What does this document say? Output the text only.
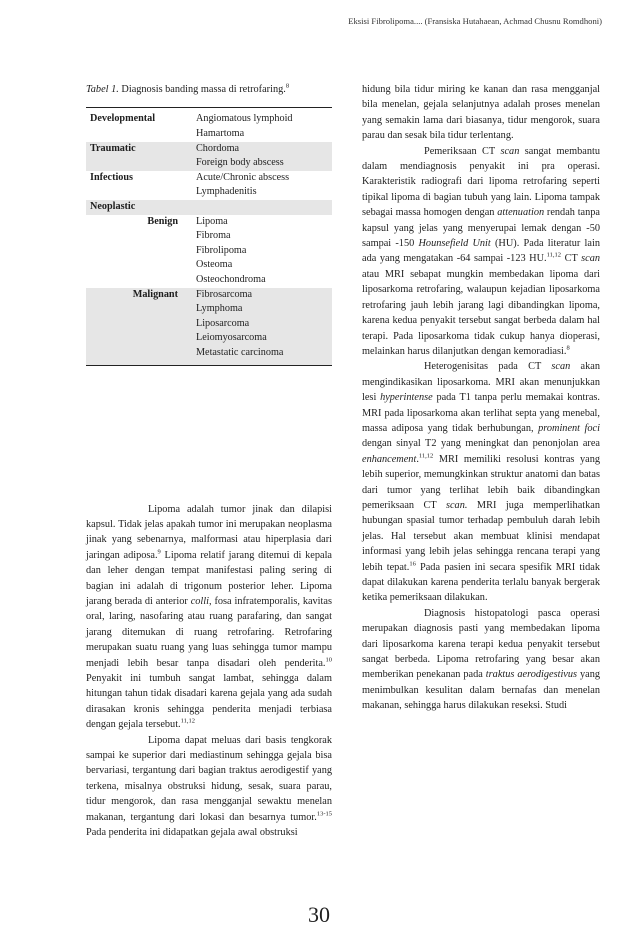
Eksisi Fibrolipoma.... (Fransiska Hutahaean, Achmad Chusnu Romdhoni)
Tabel 1. Diagnosis banding massa di retrofaring.$^8$
Developmental	Angiomatous lymphoid
	Hamartoma
Traumatic	Chordoma
	Foreign body abscess
Infectious	Acute/Chronic abscess
	Lymphadenitis
Neoplastic	
Benign	Lipoma
	Fibroma
	Fibrolipoma
	Osteoma
	Osteochondroma
Malignant	Fibrosarcoma
	Lymphoma
	Liposarcoma
	Leiomyosarcoma
	Metastatic carcinoma

Lipoma adalah tumor jinak dan dilapisi kapsul. Tidak jelas apakah tumor ini merupakan neoplasma jinak yang sebenarnya, malformasi atau hiperplasia dari jaringan adiposa.$^9$ Lipoma relatif jarang ditemui di kepala dan leher dengan tempat manifestasi paling sering di bagian ini adalah di trigonum posterior leher. Lipoma jarang berada di anterior colli, fosa infratemporalis, kavitas oral, laring, nasofaring atau ruang parafaring, dan sangat jarang ditemukan di ruang retrofaring. Retrofaring merupakan suatu ruang yang luas sehingga tumor mampu menjadi lebih besar tanpa disadari oleh penderita.$^{10}$ Penyakit ini tumbuh sangat lambat, sehingga dalam hitungan tahun tidak disadari karena gejala yang ada sudah dirasakan kronis sehingga penderita menjadi terbiasa dengan gejala tersebut.$^{11,12}$

Lipoma dapat meluas dari basis tengkorak sampai ke superior dari mediastinum sehingga gejala bisa bervariasi, tergantung dari bagian traktus aerodigestif yang terkena, misalnya obstruksi hidung, sesak, suara parau, tidur mengorok, dan rasa mengganjal sewaktu menelan makanan, tergantung dari lokasi dan besarnya tumor.$^{13-15}$ Pada penderita ini didapatkan gejala awal obstruksi

hidung bila tidur miring ke kanan dan rasa mengganjal bila menelan, gejala selanjutnya adalah proses menelan yang semakin lama dari biasanya, tidur mengorok, suara parau dan sesak bila tidur terlentang.

Pemeriksaan CT scan sangat membantu dalam mendiagnosis penyakit ini pra operasi. Karakteristik radiografi dari lipoma retrofaring seperti tipikal lipoma di bagian tubuh yang lain. Lipoma tampak sebagai massa homogen dengan attenuation rendah tanpa kapsul yang jelas yang menyerupai lemak dengan -50 sampai -150 Hounsefield Unit (HU). Pada literatur lain ada yang mengatakan -64 sampai -123 HU.$^{11,12}$ CT scan atau MRI sebapat mungkin membedakan lipoma dari liposarkoma retrofaring, walaupun kejadian liposarkoma retrofaring jauh lebih jarang lagi dibandingkan lipoma, karena kedua penyakit tersebut sangat berbeda dalam hal terapi. Pada liposarkoma tidak cukup hanya dioperasi, melainkan harus dilanjutkan dengan kemoradiasi.$^8$

Heterogenisitas pada CT scan akan mengindikasikan liposarkoma. MRI akan menunjukkan lesi hyperintense pada T1 tanpa perlu memakai kontras. MRI pada liposarkoma akan terlihat septa yang menebal, massa adiposa yang tidak berhubungan, prominent foci dengan sinyal T2 yang meningkat dan penonjolan area enhancement.$^{11,12}$ MRI memiliki resolusi kontras yang lebih superior, memungkinkan struktur anatomi dan batas dari tumor yang terlihat lebih baik dibandingkan pemeriksaan CT scan. MRI juga memperlihatkan hubungan spasial tumor terhadap pembuluh darah lebih jelas. Hal tersebut akan membuat klinisi mendapat informasi yang lebih jelas sehingga rencana terapi yang lebih tepat.$^{16}$ Pada pasien ini secara spesifik MRI tidak dapat dilakukan karena penderita terlalu banyak bergerak ketika pemeriksaan dilakukan.

Diagnosis histopatologi pasca operasi merupakan diagnosis pasti yang membedakan lipoma dari liposarkoma karena terapi kedua penyakit tersebut sangat berbeda. Lipoma retrofaring yang besar akan memberikan penekanan pada traktus aerodigestivus yang menimbulkan kesulitan dalam bernafas dan menelan makanan, sehingga harus dilakukan reseksi. Studi

30
